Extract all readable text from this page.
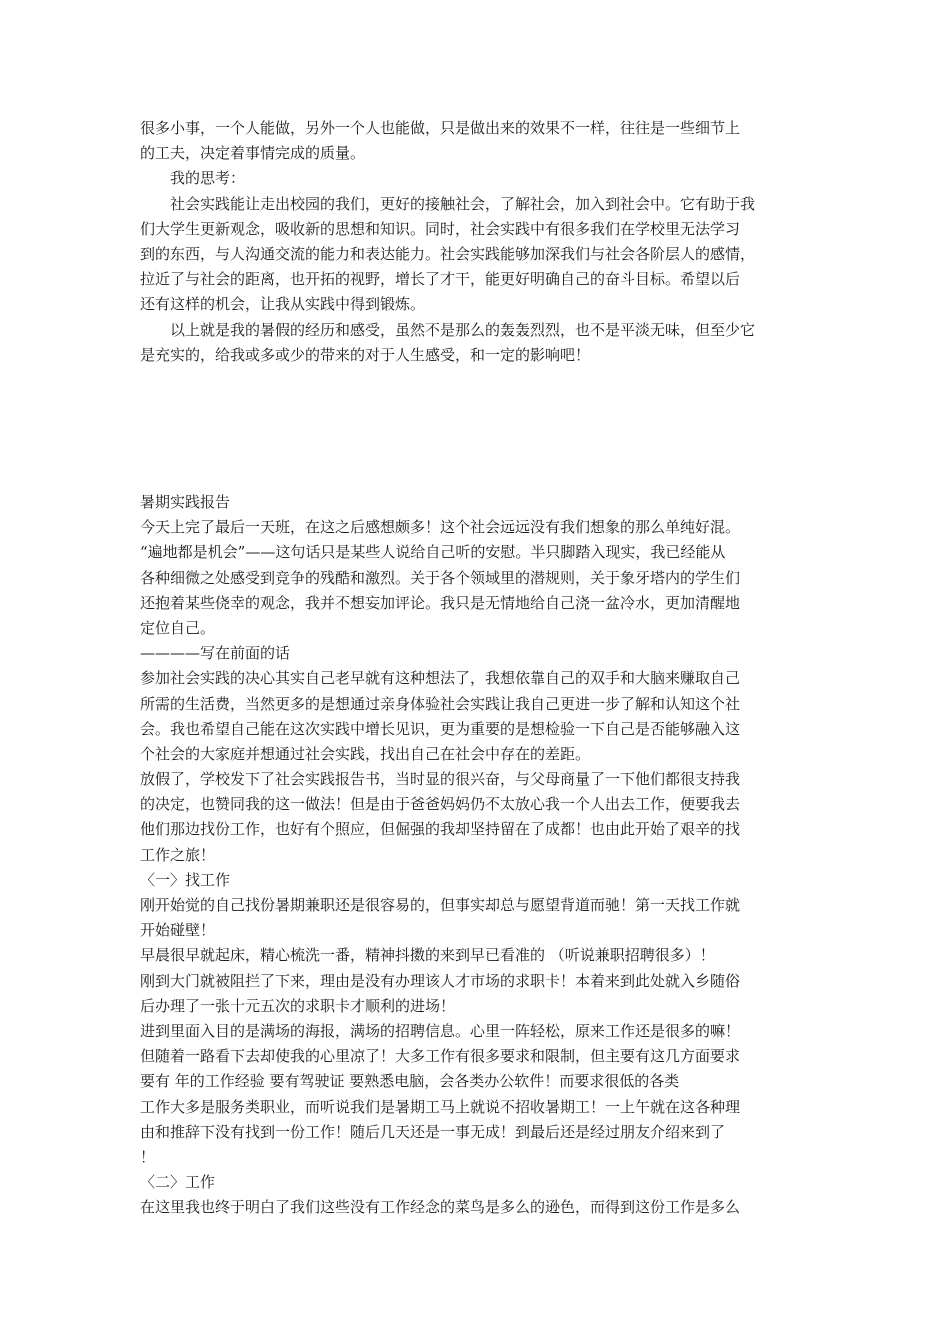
很多小事，一个人能做，另外一个人也能做，只是做出来的效果不一样，往往是一些细节上
的工夫，决定着事情完成的质量。
我的思考：
社会实践能让走出校园的我们，更好的接触社会，了解社会，加入到社会中。它有助于我
们大学生更新观念，吸收新的思想和知识。同时，社会实践中有很多我们在学校里无法学习
到的东西，与人沟通交流的能力和表达能力。社会实践能够加深我们与社会各阶层人的感情，
拉近了与社会的距离，也开拓的视野，增长了才干，能更好明确自己的奋斗目标。希望以后
还有这样的机会，让我从实践中得到锻炼。
以上就是我的暑假的经历和感受，虽然不是那么的轰轰烈烈，也不是平淡无味，但至少它
是充实的，给我或多或少的带来的对于人生感受，和一定的影响吧！
暑期实践报告
今天上完了最后一天班，在这之后感想颇多！这个社会远远没有我们想象的那么单纯好混。
“遍地都是机会”——这句话只是某些人说给自己听的安慰。半只脚踏入现实，我已经能从
各种细微之处感受到竞争的残酷和激烈。关于各个领域里的潜规则，关于象牙塔内的学生们
还抱着某些侥幸的观念，我并不想妄加评论。我只是无情地给自己浇一盆冷水，更加清醒地
定位自己。
————写在前面的话
参加社会实践的决心其实自己老早就有这种想法了，我想依靠自己的双手和大脑来赚取自己
所需的生活费，当然更多的是想通过亲身体验社会实践让我自己更进一步了解和认知这个社
会。我也希望自己能在这次实践中增长见识，更为重要的是想检验一下自己是否能够融入这
个社会的大家庭并想通过社会实践，找出自己在社会中存在的差距。
放假了，学校发下了社会实践报告书，当时显的很兴奋，与父母商量了一下他们都很支持我
的决定，也赞同我的这一做法！但是由于爸爸妈妈仍不太放心我一个人出去工作，便要我去
他们那边找份工作，也好有个照应，但倔强的我却坚持留在了成都！也由此开始了艰辛的找
工作之旅！
〈一〉找工作
刚开始觉的自己找份暑期兼职还是很容易的，但事实却总与愿望背道而驰！第一天找工作就
开始碰壁！
早晨很早就起床，精心梳洗一番，精神抖擞的来到早已看准的 （听说兼职招聘很多）！
刚到大门就被阻拦了下来，理由是没有办理该人才市场的求职卡！本着来到此处就入乡随俗
后办理了一张十元五次的求职卡才顺利的进场！
进到里面入目的是满场的海报，满场的招聘信息。心里一阵轻松，原来工作还是很多的嘛！
但随着一路看下去却使我的心里凉了！大多工作有很多要求和限制，但主要有这几方面要求
要有 年的工作经验 要有驾驶证 要熟悉电脑，会各类办公软件！而要求很低的各类
工作大多是服务类职业，而听说我们是暑期工马上就说不招收暑期工！一上午就在这各种理
由和推辞下没有找到一份工作！随后几天还是一事无成！到最后还是经过朋友介绍来到了
！
〈二〉工作
在这里我也终于明白了我们这些没有工作经念的菜鸟是多么的逊色，而得到这份工作是多么
